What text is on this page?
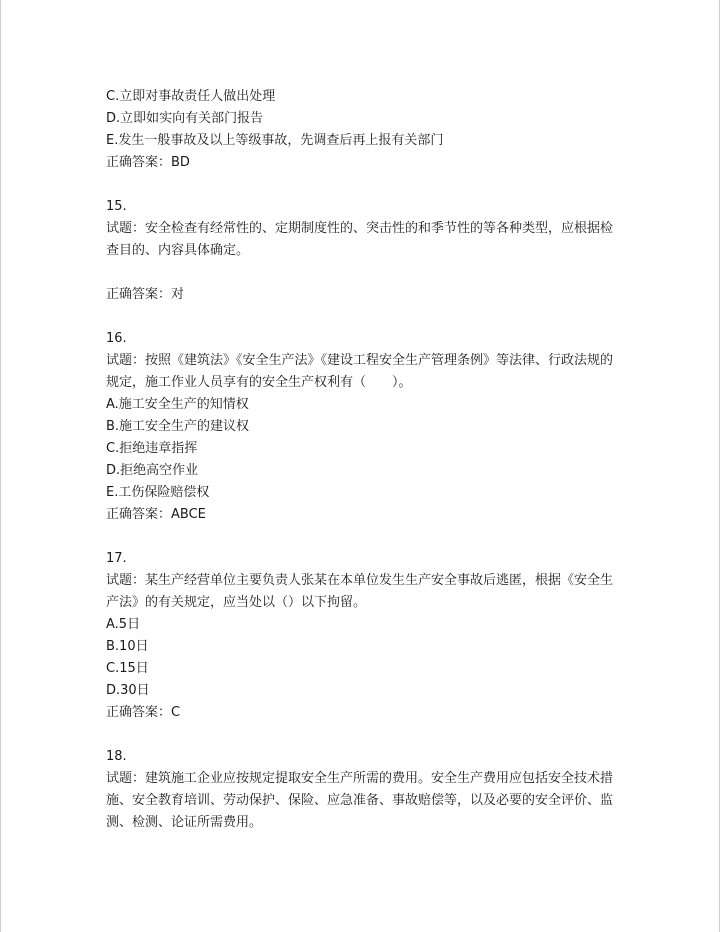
C.立即对事故责任人做出处理
D.立即如实向有关部门报告
E.发生一般事故及以上等级事故，先调查后再上报有关部门
正确答案：BD
15.
试题：安全检查有经常性的、定期制度性的、突击性的和季节性的等各种类型，应根据检查目的、内容具体确定。
正确答案：对
16.
试题：按照《建筑法》《安全生产法》《建设工程安全生产管理条例》等法律、行政法规的规定，施工作业人员享有的安全生产权利有（　　）。
A.施工安全生产的知情权
B.施工安全生产的建议权
C.拒绝违章指挥
D.拒绝高空作业
E.工伤保险赔偿权
正确答案：ABCE
17.
试题：某生产经营单位主要负责人张某在本单位发生生产安全事故后逃匿，根据《安全生产法》的有关规定，应当处以（）以下拘留。
A.5日
B.10日
C.15日
D.30日
正确答案：C
18.
试题：建筑施工企业应按规定提取安全生产所需的费用。安全生产费用应包括安全技术措施、安全教育培训、劳动保护、保险、应急准备、事故赔偿等，以及必要的安全评价、监测、检测、论证所需费用。
